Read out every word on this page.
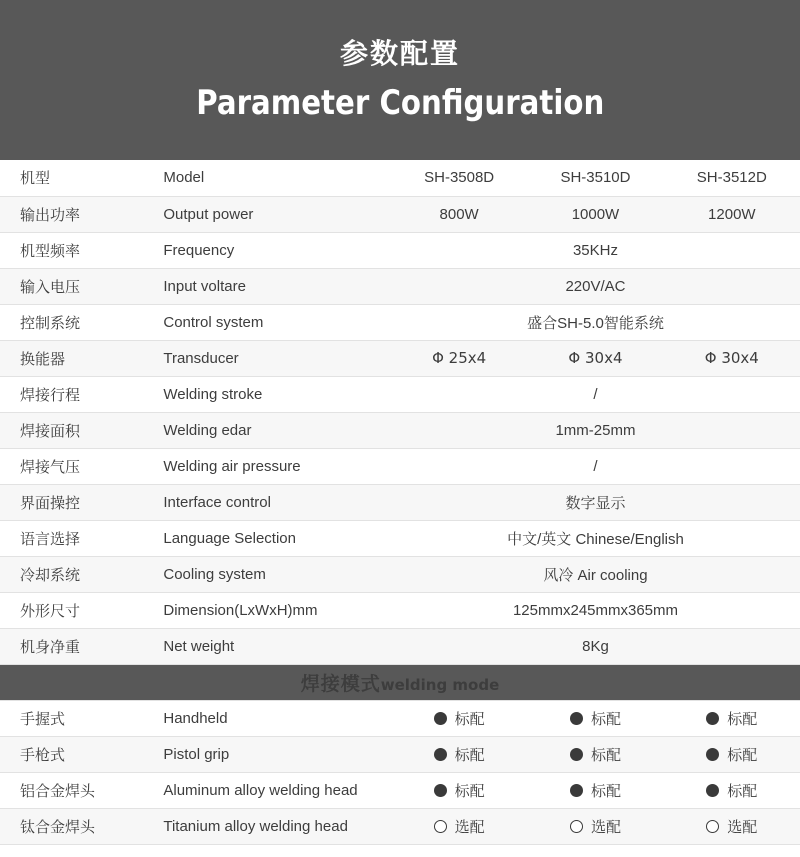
参数配置
Parameter Configuration
机型	Model	SH-3508D	SH-3510D	SH-3512D
输出功率	Output power	800W	1000W	1200W
机型频率	Frequency	35KHz		
输入电压	Input voltare	220V/AC		
控制系统	Control system	盛合SH-5.0智能系统		
换能器	Transducer	Φ 25x4	Φ 30x4	Φ 30x4
焊接行程	Welding stroke	/		
焊接面积	Welding edar	1mm-25mm		
焊接气压	Welding air pressure	/		
界面操控	Interface control	数字显示		
语言选择	Language Selection	中文/英文 Chinese/English		
冷却系统	Cooling system	风冷 Air cooling		
外形尺寸	Dimension(LxWxH)mm	125mmx245mmx365mm		
机身净重	Net weight	8Kg		
焊接模式welding mode				
手握式	Handheld	标配	标配	标配

手枪式	Pistol grip	标配	标配	标配

铝合金焊头	Aluminum alloy welding head	标配	标配	标配

钛合金焊头	Titanium alloy welding head	选配	选配	选配
